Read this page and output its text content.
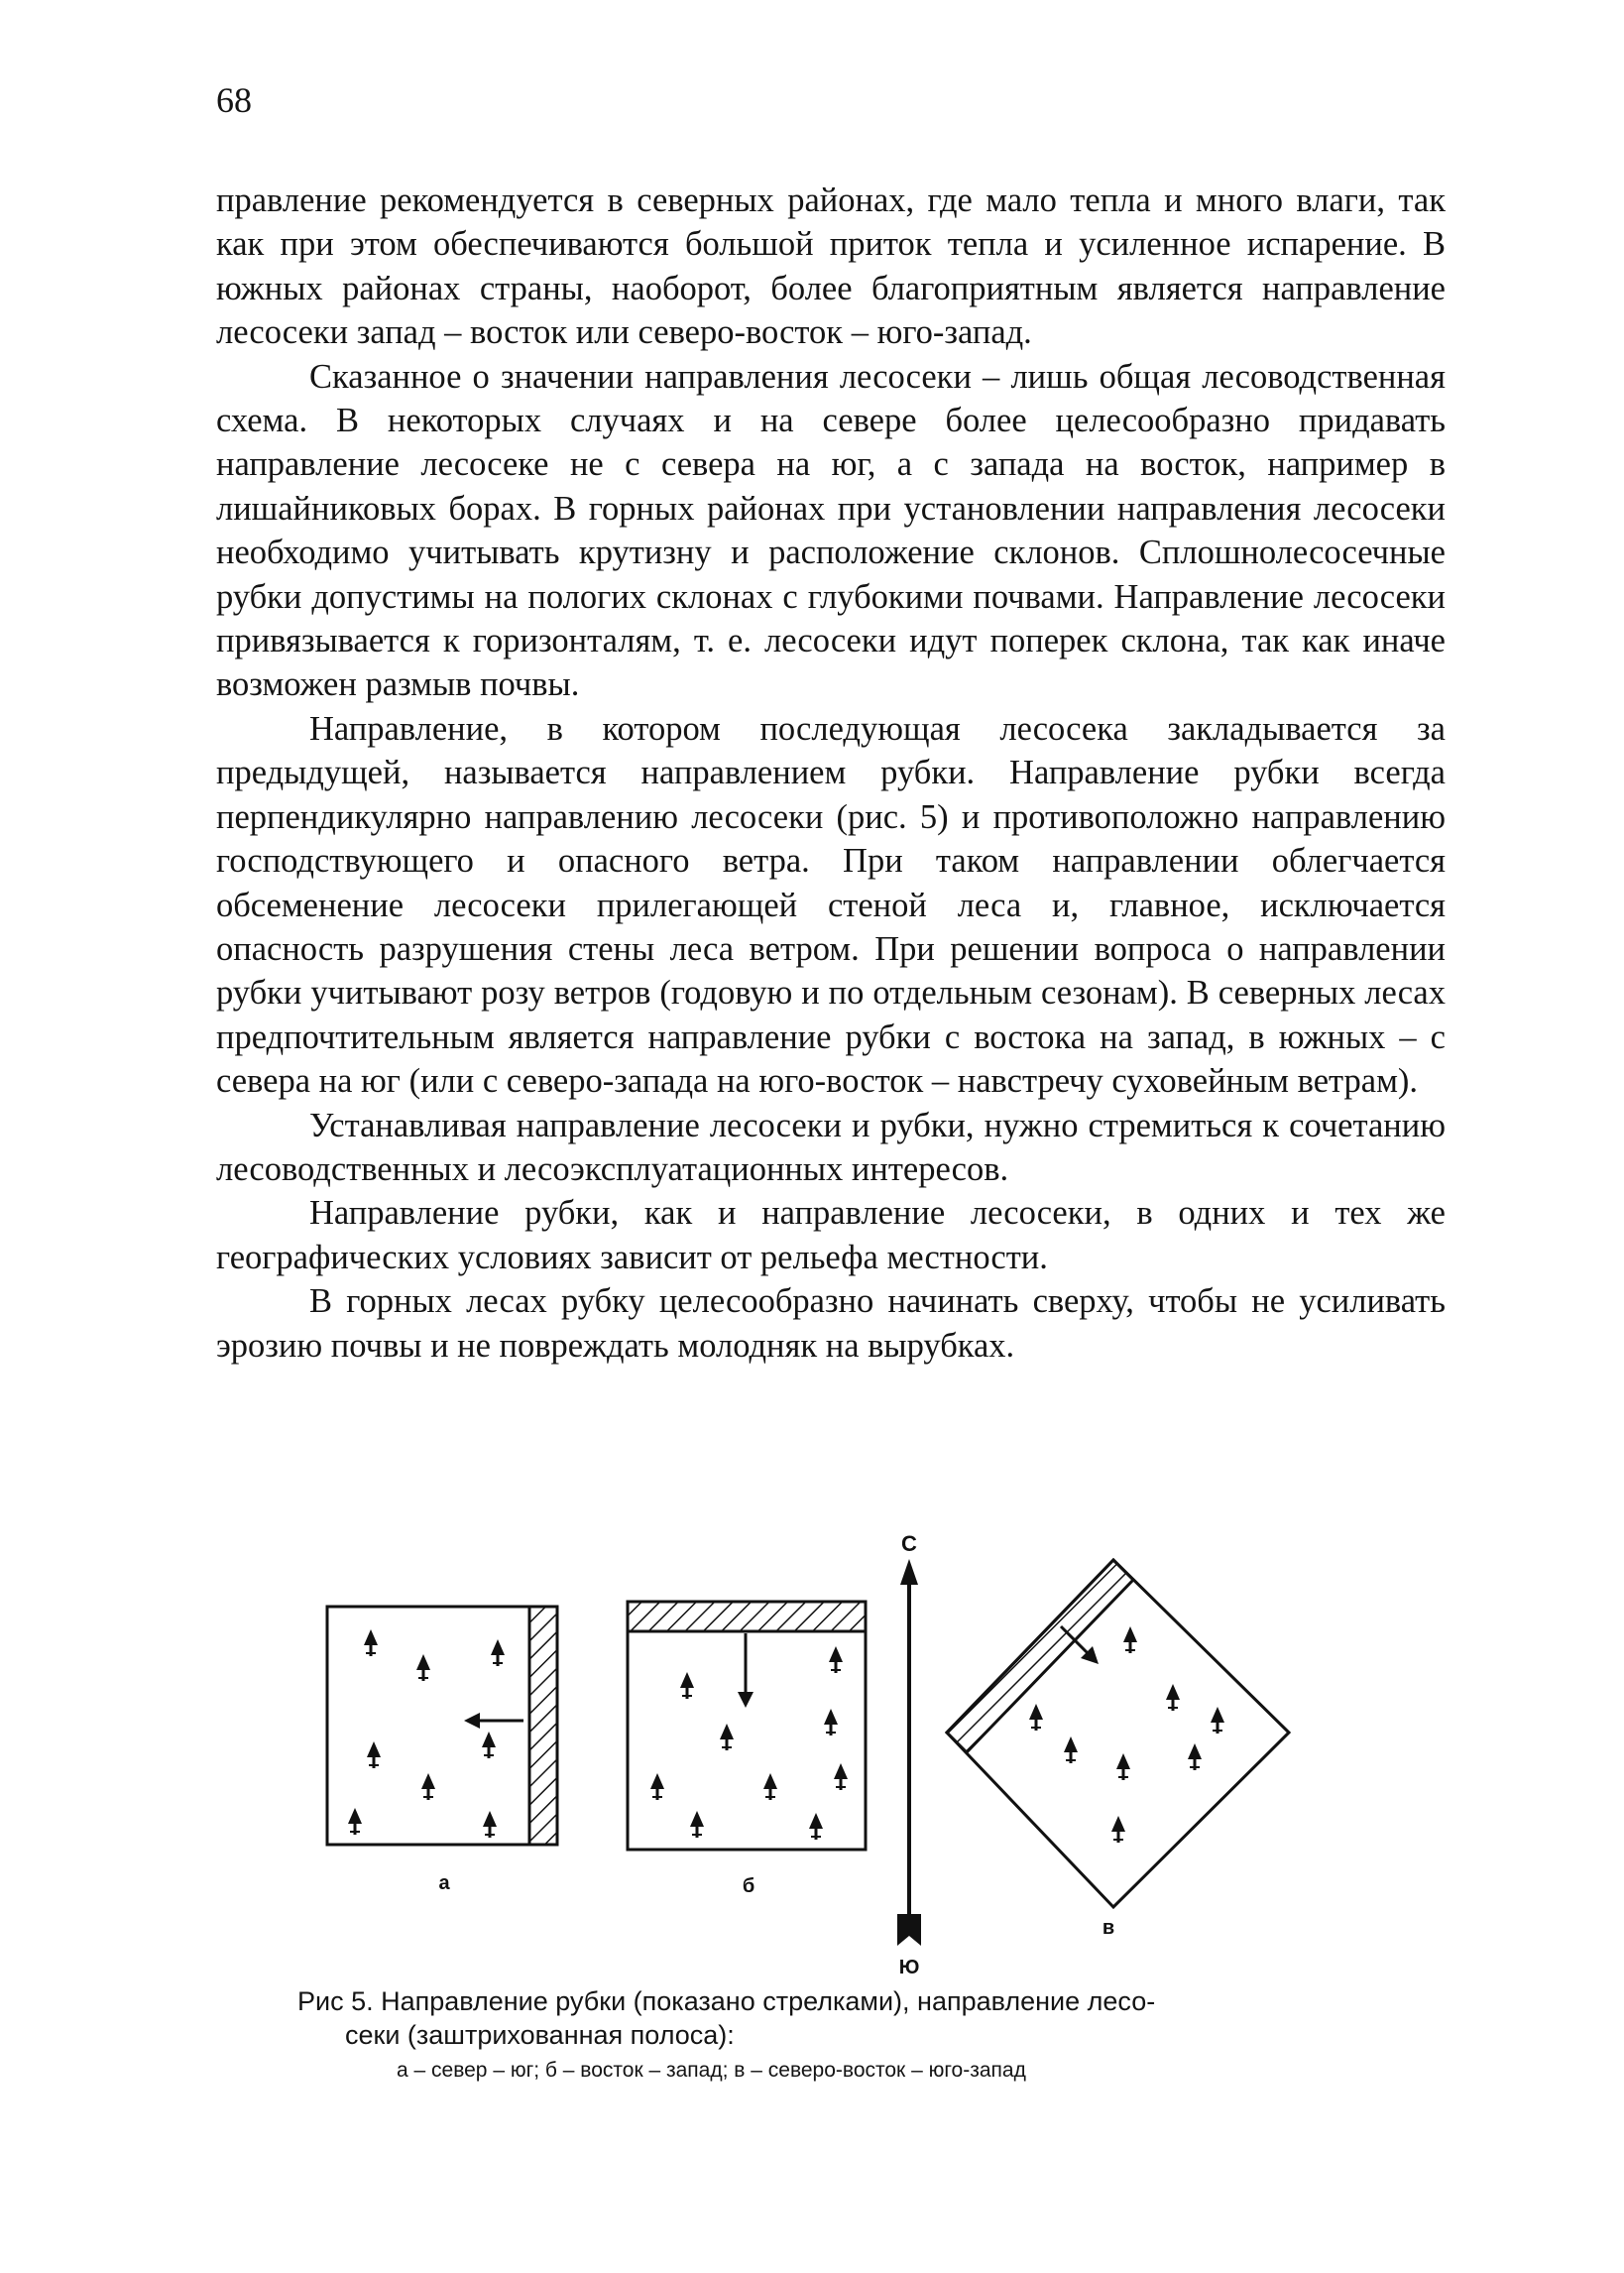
68

правление рекомендуется в северных районах, где мало тепла и много влаги, так как при этом обеспечиваются большой приток тепла и усиленное испарение. В южных районах страны, наоборот, более благоприятным является направление лесосеки запад – восток или северо-восток – юго-запад.

Сказанное о значении направления лесосеки – лишь общая лесоводственная схема. В некоторых случаях и на севере более целесообразно придавать направление лесосеке не с севера на юг, а с запада на восток, например в лишайниковых борах. В горных районах при установлении направления лесосеки необходимо учитывать крутизну и расположение склонов. Сплошнолесосечные рубки допустимы на пологих склонах с глубокими почвами. Направление лесосеки привязывается к горизонталям, т. е. лесосеки идут поперек склона, так как иначе возможен размыв почвы.

Направление, в котором последующая лесосека закладывается за предыдущей, называется направлением рубки. Направление рубки всегда перпендикулярно направлению лесосеки (рис. 5) и противоположно направлению господствующего и опасного ветра. При таком направлении облегчается обсеменение лесосеки прилегающей стеной леса и, главное, исключается опасность разрушения стены леса ветром. При решении вопроса о направлении рубки учитывают розу ветров (годовую и по отдельным сезонам). В северных лесах предпочтительным является направление рубки с востока на запад, в южных – с севера на юг (или с северо-запада на юго-восток – навстречу суховейным ветрам).

Устанавливая направление лесосеки и рубки, нужно стремиться к сочетанию лесоводственных и лесоэксплуатационных интересов.

Направление рубки, как и направление лесосеки, в одних и тех же географических условиях зависит от рельефа местности.

В горных лесах рубку целесообразно начинать сверху, чтобы не усиливать эрозию почвы и не повреждать молодняк на вырубках.

а	б
С
Ю
в
Рис 5. Направление рубки (показано стрелками), направление лесо-
секи (заштрихованная полоса):
а – север – юг; б – восток – запад; в – северо-восток – юго-запад
